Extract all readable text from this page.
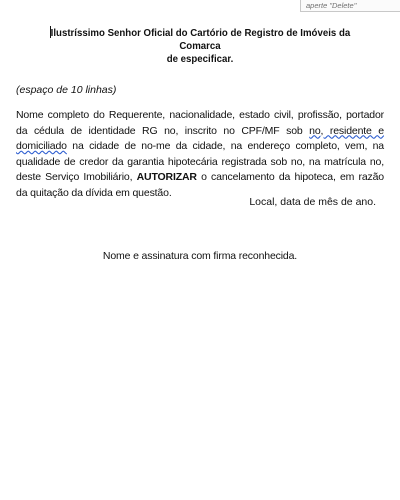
aperte "Delete"
Ilustríssimo Senhor Oficial do Cartório de Registro de Imóveis da Comarca
de especificar.
(espaço de 10 linhas)
Nome completo do Requerente, nacionalidade, estado civil, profissão, portador da cédula de identidade RG no, inscrito no CPF/MF sob no, residente e domiciliado na cidade de no-me da cidade, na endereço completo, vem, na qualidade de credor da garantia hipotecária registrada sob no, na matrícula no, deste Serviço Imobiliário, AUTORIZAR o cancelamento da hipoteca, em razão da quitação da dívida em questão.
Local, data de mês de ano.
Nome e assinatura com firma reconhecida.
